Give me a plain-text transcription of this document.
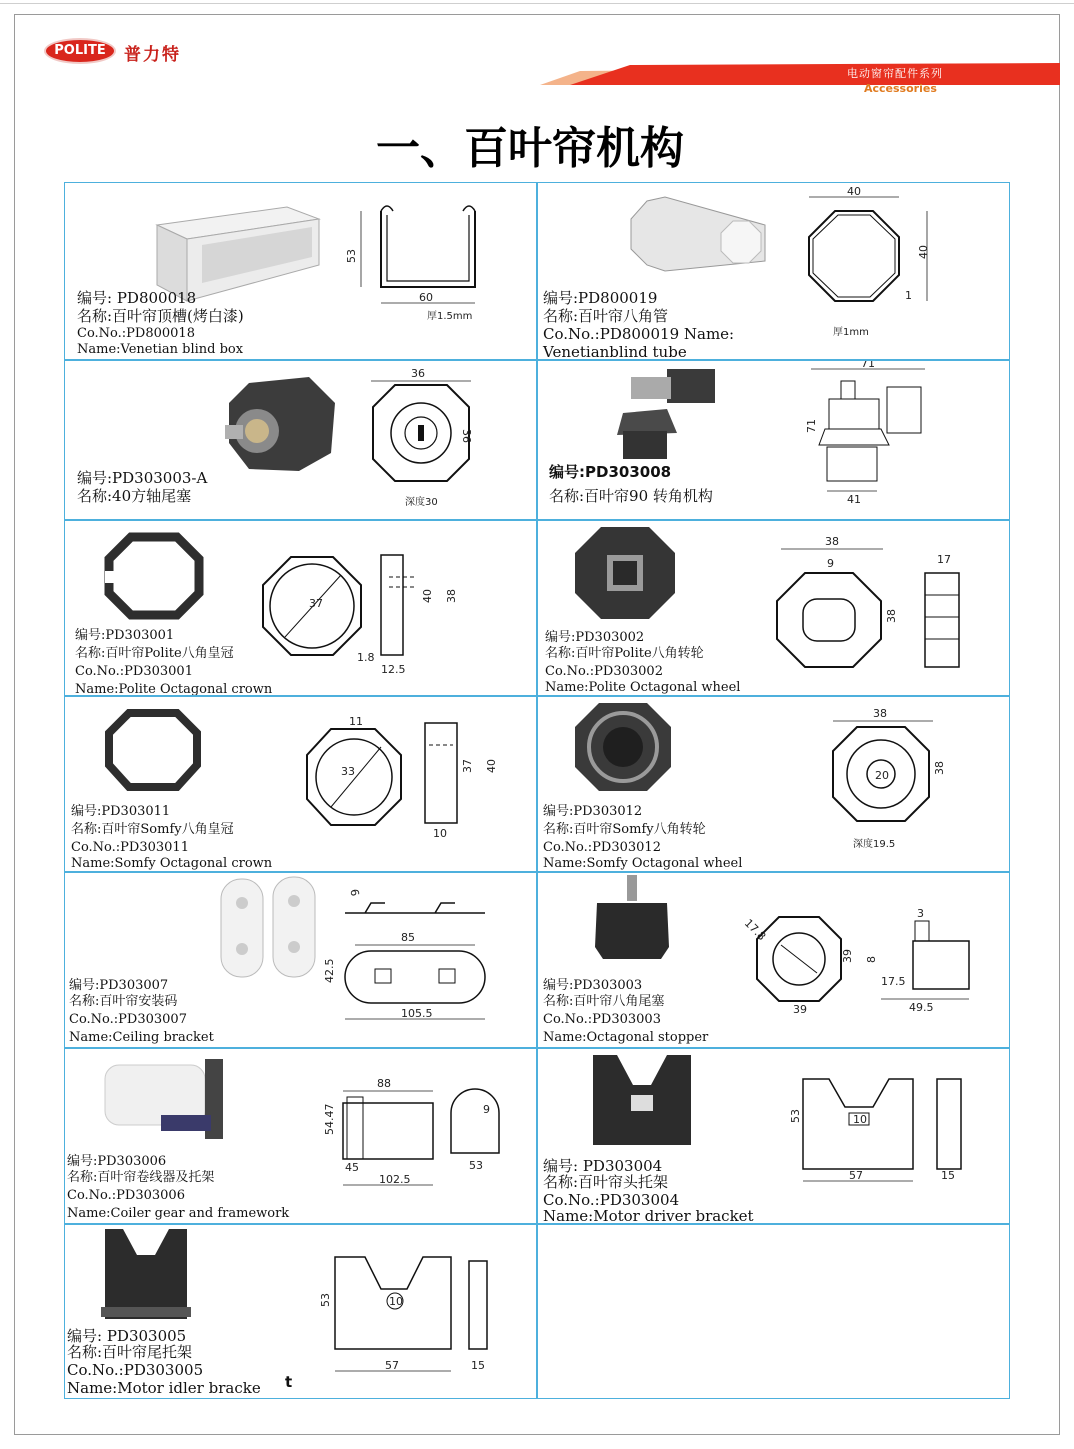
POLITE	普力特
电动窗帘配件系列
Accessories
一、百叶帘机构
53
60
厚1.5mm
编号: PD800018
名称:百叶帘顶槽(烤白漆)
Co.No.:PD800018
Name:Venetian blind box
40
40
1
厚1mm
编号:PD800019
名称:百叶帘八角管
Co.No.:PD800019 Name:
Venetianblind tube
36
36
深度30
编号:PD303003-A
名称:40方轴尾塞
71
71
41
编号:PD303008
名称:百叶帘90 转角机构
37
40 38
1.8
12.5
编号:PD303001
名称:百叶帘Polite八角皇冠
Co.No.:PD303001
Name:Polite Octagonal crown
38
9
38
17
编号:PD303002
名称:百叶帘Polite八角转轮
Co.No.:PD303002
Name:Polite Octagonal wheel
11
33	37 40
10
编号:PD303011
名称:百叶帘Somfy八角皇冠
Co.No.:PD303011
Name:Somfy Octagonal crown
38
20
38
深度19.5
编号:PD303012
名称:百叶帘Somfy八角转轮
Co.No.:PD303012
Name:Somfy Octagonal wheel
6
85
42.5
105.5
编号:PD303007
名称:百叶帘安装码
Co.No.:PD303007
Name:Ceiling bracket
17.8
39
39
8
3
17.5
49.5
编号:PD303003
名称:百叶帘八角尾塞
Co.No.:PD303003
Name:Octagonal stopper
88
54.47
45
102.5
9
53
编号:PD303006
名称:百叶帘卷线器及托架
Co.No.:PD303006
Name:Coiler gear and framework
53	10
57	15
编号: PD303004
名称:百叶帘头托架
Co.No.:PD303004
Name:Motor driver bracket
53	10
57	15
编号: PD303005
名称:百叶帘尾托架
Co.No.:PD303005
Name:Motor idler bracke t
